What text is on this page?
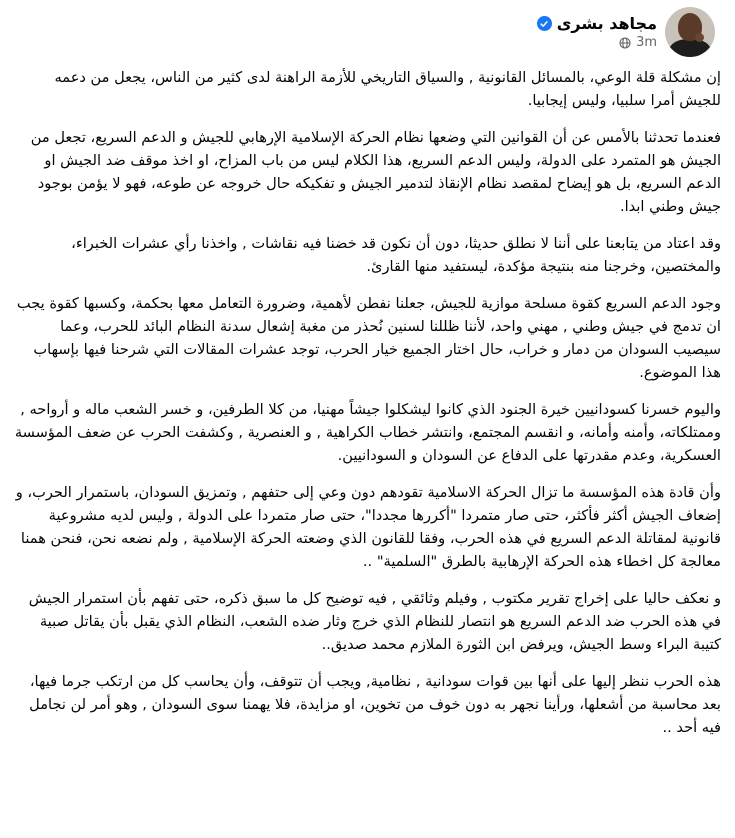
مجاهد بشرى
3m

إن مشكلة قلة الوعي، بالمسائل القانونية , والسياق التاريخي للأزمة الراهنة لدى كثير من الناس، يجعل من دعمه للجيش أمرا سلبيا، وليس إيجابيا.

فعندما تحدثنا بالأمس عن أن القوانين التي وضعها نظام الحركة الإسلامية الإرهابي للجيش و الدعم السريع، تجعل من الجيش هو المتمرد على الدولة، وليس الدعم السريع، هذا الكلام ليس من باب المزاح، او اخذ موقف ضد الجيش او الدعم السريع، بل هو إيضاح لمقصد نظام الإنقاذ لتدمير الجيش و تفكيكه حال خروجه عن طوعه، فهو لا يؤمن بوجود جيش وطني ابدا.

وقد اعتاد من يتابعنا على أننا لا نطلق حديثا، دون أن نكون قد خضنا فيه نقاشات , واخذنا رأي عشرات الخبراء، والمختصين، وخرجنا منه بنتيجة مؤكدة، ليستفيد منها القارئ.

وجود الدعم السريع كقوة مسلحة موازية للجيش، جعلنا نفطن لأهمية، وضرورة التعامل معها بحكمة، وكسبها كقوة يجب ان تدمج في جيش وطني , مهني واحد، لأننا ظللنا لسنين نُحذر من مغبة إشعال سدنة النظام البائد للحرب، وعما سيصيب السودان من دمار و خراب، حال اختار الجميع خيار الحرب، توجد عشرات المقالات التي شرحنا فيها بإسهاب هذا الموضوع.

واليوم خسرنا كسودانيين خيرة الجنود الذي كانوا ليشكلوا جيشاً مهنيا، من كلا الطرفين، و خسر الشعب ماله و أرواحه , وممتلكاته، وأمنه وأمانه، و انقسم المجتمع، وانتشر خطاب الكراهية , و العنصرية , وكشفت الحرب عن ضعف المؤسسة العسكرية، وعدم مقدرتها على الدفاع عن السودان و السودانيين.

وأن قادة هذه المؤسسة ما تزال الحركة الاسلامية تقودهم دون وعي إلى حتفهم , وتمزيق السودان، باستمرار الحرب، و إضعاف الجيش أكثر فأكثر، حتى صار متمردا "أكررها مجددا"، حتى صار متمردا على الدولة , وليس لديه مشروعية قانونية لمقاتلة الدعم السريع في هذه الحرب، وفقا للقانون الذي وضعته الحركة الإسلامية , ولم نضعه نحن، فنحن همنا معالجة كل اخطاء هذه الحركة الإرهابية بالطرق "السلمية" ..

و نعكف حاليا على إخراج تقرير مكتوب , وفيلم وثائقي , فيه توضيح كل ما سبق ذكره، حتى تفهم بأن استمرار الجيش في هذه الحرب ضد الدعم السريع هو انتصار للنظام الذي خرج وثار ضده الشعب، النظام الذي يقبل بأن يقاتل صبية كتيبة البراء وسط الجيش، ويرفض ابن الثورة الملازم محمد صديق..

هذه الحرب ننظر إليها على أنها بين قوات سودانية , نظامية, ويجب أن تتوقف، وأن يحاسب كل من ارتكب جرما فيها، بعد محاسبة من أشعلها، ورأينا نجهر به دون خوف من تخوين، او مزايدة، فلا يهمنا سوى السودان , وهو أمر لن نجامل فيه أحد ..
